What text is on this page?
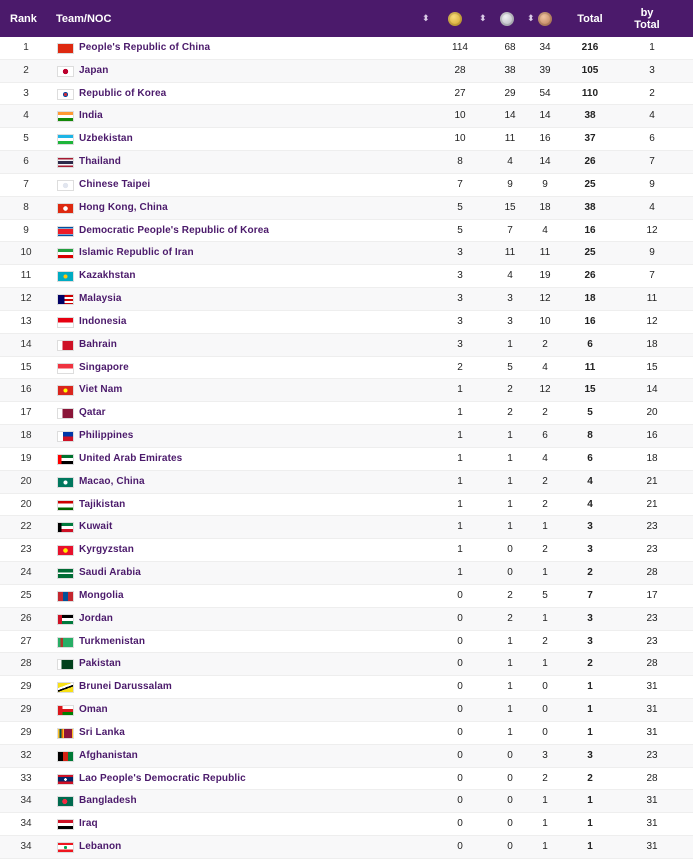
Rank Team/NOC	⬍	⬍	⬍	Total	by Total
1	People's Republic of China	114	68	34	216	1
2	Japan	28	38	39	105	3
3	Republic of Korea	27	29	54	110	2
4	India	10	14	14	38	4
5	Uzbekistan	10	11	16	37	6
6	Thailand	8	4	14	26	7
7	Chinese Taipei	7	9	9	25	9
8	Hong Kong, China	5	15	18	38	4
9	Democratic People's Republic of Korea	5	7	4	16	12
10	Islamic Republic of Iran	3	11	11	25	9
11	Kazakhstan	3	4	19	26	7
12	Malaysia	3	3	12	18	11
13	Indonesia	3	3	10	16	12
14	Bahrain	3	1	2	6	18
15	Singapore	2	5	4	11	15
16	Viet Nam	1	2	12	15	14
17	Qatar	1	2	2	5	20
18	Philippines	1	1	6	8	16
19	United Arab Emirates	1	1	4	6	18
20	Macao, China	1	1	2	4	21
20	Tajikistan	1	1	2	4	21
22	Kuwait	1	1	1	3	23
23	Kyrgyzstan	1	0	2	3	23
24	Saudi Arabia	1	0	1	2	28
25	Mongolia	0	2	5	7	17
26	Jordan	0	2	1	3	23
27	Turkmenistan	0	1	2	3	23
28	Pakistan	0	1	1	2	28
29	Brunei Darussalam	0	1	0	1	31
29	Oman	0	1	0	1	31
29	Sri Lanka	0	1	0	1	31
32	Afghanistan	0	0	3	3	23
33	Lao People's Democratic Republic	0	0	2	2	28
34	Bangladesh	0	0	1	1	31
34	Iraq	0	0	1	1	31
34	Lebanon	0	0	1	1	31
